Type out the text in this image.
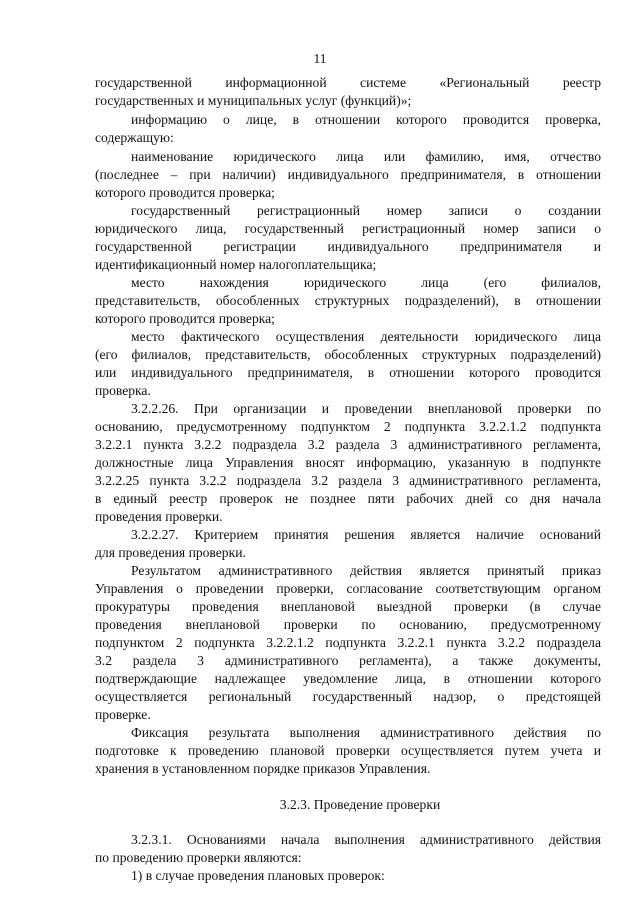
11
государственной информационной системе «Региональный реестр
государственных и муниципальных услуг (функций)»;
информацию о лице, в отношении которого проводится проверка,
содержащую:
наименование юридического лица или фамилию, имя, отчество
(последнее – при наличии) индивидуального предпринимателя, в отношении
которого проводится проверка;
государственный регистрационный номер записи о создании
юридического лица, государственный регистрационный номер записи о
государственной регистрации индивидуального предпринимателя и
идентификационный номер налогоплательщика;
место нахождения юридического лица (его филиалов,
представительств, обособленных структурных подразделений), в отношении
которого проводится проверка;
место фактического осуществления деятельности юридического лица
(его филиалов, представительств, обособленных структурных подразделений)
или индивидуального предпринимателя, в отношении которого проводится
проверка.
3.2.2.26. При организации и проведении внеплановой проверки по
основанию, предусмотренному подпунктом 2 подпункта 3.2.2.1.2 подпункта
3.2.2.1 пункта 3.2.2 подраздела 3.2 раздела 3 административного регламента,
должностные лица Управления вносят информацию, указанную в подпункте
3.2.2.25 пункта 3.2.2 подраздела 3.2 раздела 3 административного регламента,
в единый реестр проверок не позднее пяти рабочих дней со дня начала
проведения проверки.
3.2.2.27. Критерием принятия решения является наличие оснований
для проведения проверки.
Результатом административного действия является принятый приказ
Управления о проведении проверки, согласование соответствующим органом
прокуратуры проведения внеплановой выездной проверки (в случае
проведения внеплановой проверки по основанию, предусмотренному
подпунктом 2 подпункта 3.2.2.1.2 подпункта 3.2.2.1 пункта 3.2.2 подраздела
3.2 раздела 3 административного регламента), а также документы,
подтверждающие надлежащее уведомление лица, в отношении которого
осуществляется региональный государственный надзор, о предстоящей
проверке.
Фиксация результата выполнения административного действия по
подготовке к проведению плановой проверки осуществляется путем учета и
хранения в установленном порядке приказов Управления.
3.2.3. Проведение проверки
3.2.3.1. Основаниями начала выполнения административного действия
по проведению проверки являются:
1) в случае проведения плановых проверок:
